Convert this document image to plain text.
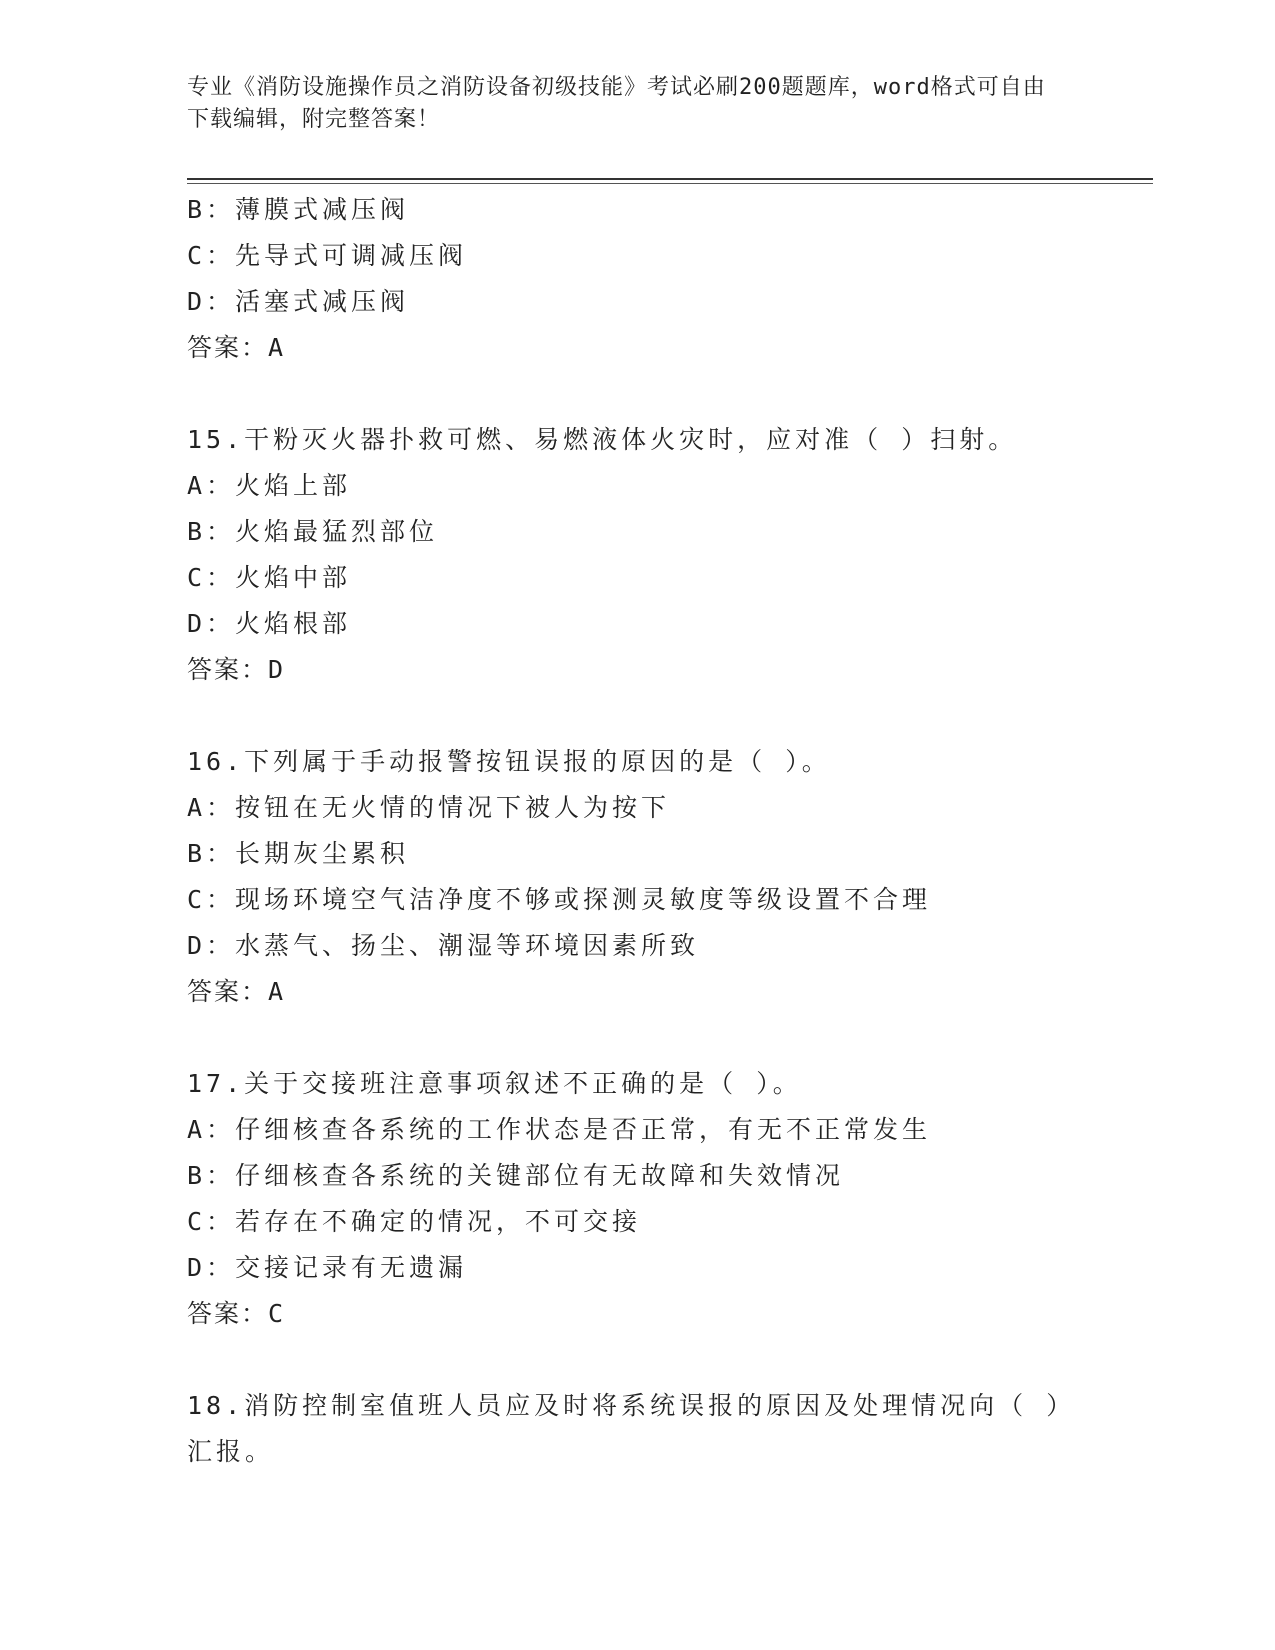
专业《消防设施操作员之消防设备初级技能》考试必刷200题题库，word格式可自由下载编辑，附完整答案！
B：薄膜式减压阀
C：先导式可调减压阀
D：活塞式减压阀
答案：A
15.干粉灭火器扑救可燃、易燃液体火灾时，应对准（ ）扫射。
A：火焰上部
B：火焰最猛烈部位
C：火焰中部
D：火焰根部
答案：D
16.下列属于手动报警按钮误报的原因的是（ ）。
A：按钮在无火情的情况下被人为按下
B：长期灰尘累积
C：现场环境空气洁净度不够或探测灵敏度等级设置不合理
D：水蒸气、扬尘、潮湿等环境因素所致
答案：A
17.关于交接班注意事项叙述不正确的是（ ）。
A：仔细核查各系统的工作状态是否正常，有无不正常发生
B：仔细核查各系统的关键部位有无故障和失效情况
C：若存在不确定的情况，不可交接
D：交接记录有无遗漏
答案：C
18.消防控制室值班人员应及时将系统误报的原因及处理情况向（ ）汇报。
